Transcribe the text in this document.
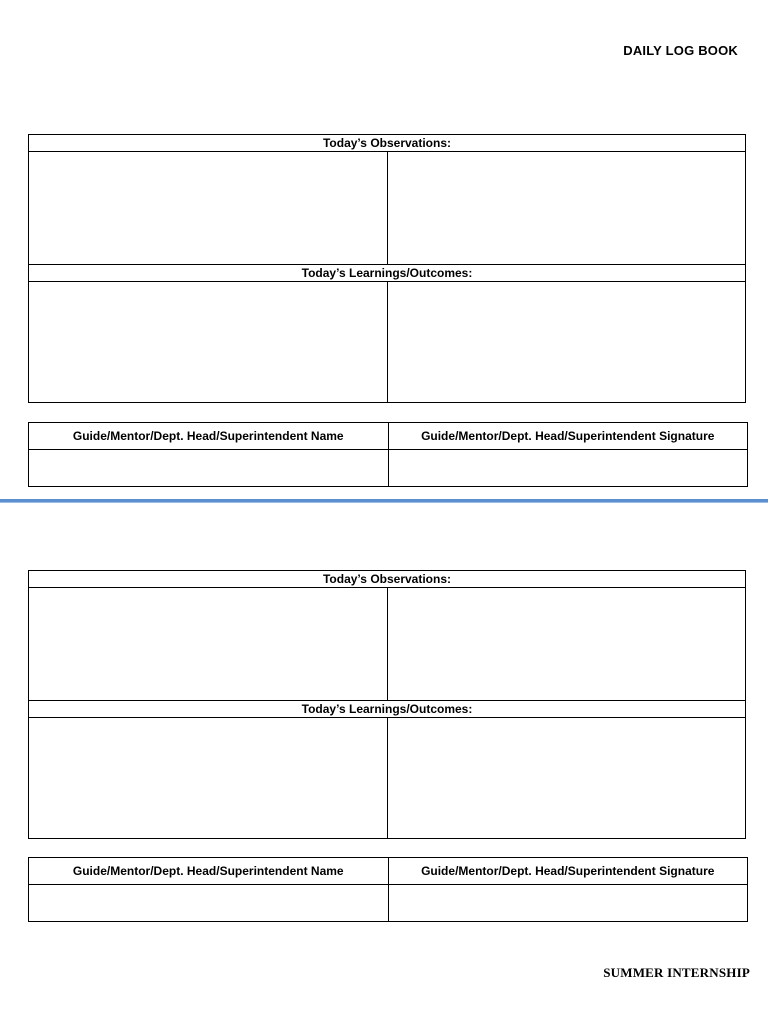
DAILY LOG BOOK
Today’s Observations:	

Today’s Learnings/Outcomes:	

Guide/Mentor/Dept. Head/Superintendent Name	Guide/Mentor/Dept. Head/Superintendent Signature

Today’s Observations:	

Today’s Learnings/Outcomes:	

Guide/Mentor/Dept. Head/Superintendent Name	Guide/Mentor/Dept. Head/Superintendent Signature

SUMMER INTERNSHIP
